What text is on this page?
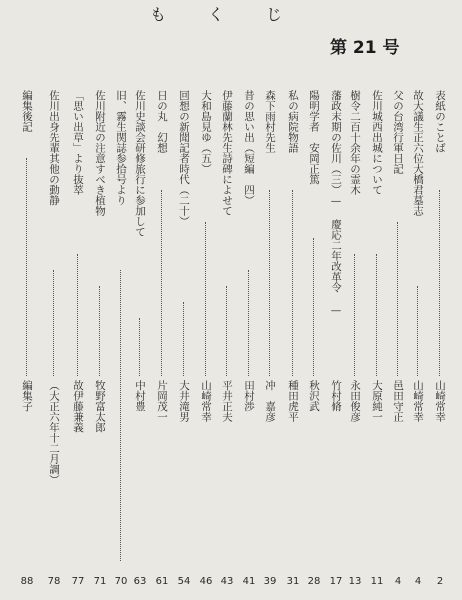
もくじ
第 21 号
表紙のことば
山崎常幸
2
故大議生正六位大橋君墓志
山崎常幸
4
父の台湾行軍日記
邑田守正
4
佐川城西出城について
大原純一
11
樹令二百十余年の霊木
永田俊彦
13
藩政末期の佐川（三）— 慶応二年改革令 —
竹村脩
17
陽明学者　安岡正篤
秋沢武
28
私の病院物語
種田虎平
31
森下雨村先生
冲　嘉彦
39
昔の思い出（短編　四）
田村渉
41
伊藤蘭林先生詩碑によせて
平井正夫
43
大和島見ゆ（五）
山崎常幸
46
回想の新聞記者時代（二十）
大井滝男
54
日の丸　幻想
片岡茂一
61
佐川史談会研修旅行に参加して
中村豊
63
旧、霧生関誌参拾号より
70
佐川附近の注意すべき植物
牧野富太郎
71
「思い出草」より抜萃
故伊藤兼義
77
佐川出身先輩其他の動静
（大正六年十二月調）
78
編集後記
編集子
88
